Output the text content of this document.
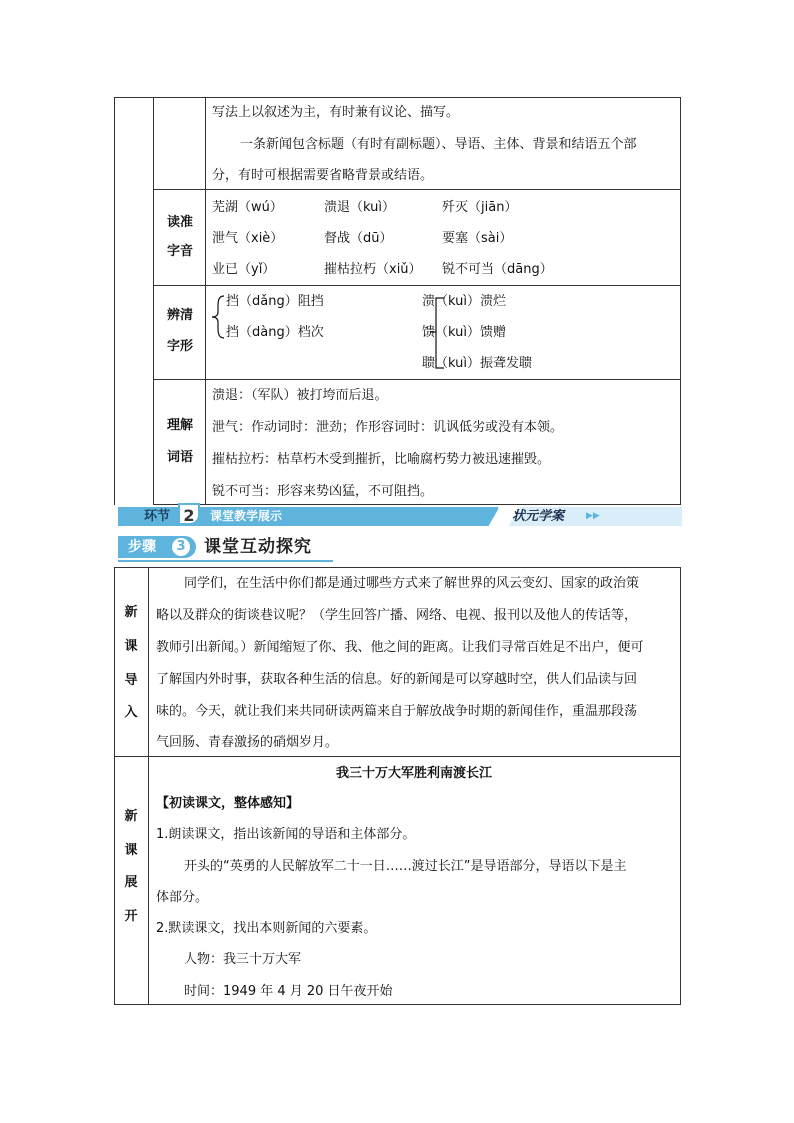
写法上以叙述为主，有时兼有议论、描写。
一条新闻包含标题（有时有副标题）、导语、主体、背景和结语五个部
分，有时可根据需要省略背景或结语。
读准
字音
芜湖（wú）	溃退（kuì）	歼灭（jiān）
泄气（xiè）	督战（dū）	要塞（sài）
业已（yǐ）	摧枯拉朽（xiǔ） 锐不可当（dāng）
辨清
字形
挡（dǎng）阻挡
挡（dàng）档次
溃（kuì）溃烂
馈（kuì）馈赠
聩（kuì）振聋发聩
理解
词语
溃退：（军队）被打垮而后退。
泄气：作动词时：泄劲；作形容词时：讥讽低劣或没有本领。
摧枯拉朽：枯草朽木受到摧折，比喻腐朽势力被迅速摧毁。
锐不可当：形容来势凶猛，不可阻挡。
环节 2	课堂教学展示	状元学案 ▶▶
步骤	3 课堂互动探究
新
课
导
入
同学们，在生活中你们都是通过哪些方式来了解世界的风云变幻、国家的政治策
略以及群众的街谈巷议呢？（学生回答广播、网络、电视、报刊以及他人的传话等，
教师引出新闻。）新闻缩短了你、我、他之间的距离。让我们寻常百姓足不出户，便可
了解国内外时事，获取各种生活的信息。好的新闻是可以穿越时空，供人们品读与回
味的。今天，就让我们来共同研读两篇来自于解放战争时期的新闻佳作，重温那段荡
气回肠、青春激扬的硝烟岁月。
新
课
展
开
我三十万大军胜利南渡长江
【初读课文，整体感知】
1.朗读课文，指出该新闻的导语和主体部分。
开头的“英勇的人民解放军二十一日……渡过长江”是导语部分，导语以下是主
体部分。
2.默读课文，找出本则新闻的六要素。
人物：我三十万大军
时间：1949 年 4 月 20 日午夜开始
